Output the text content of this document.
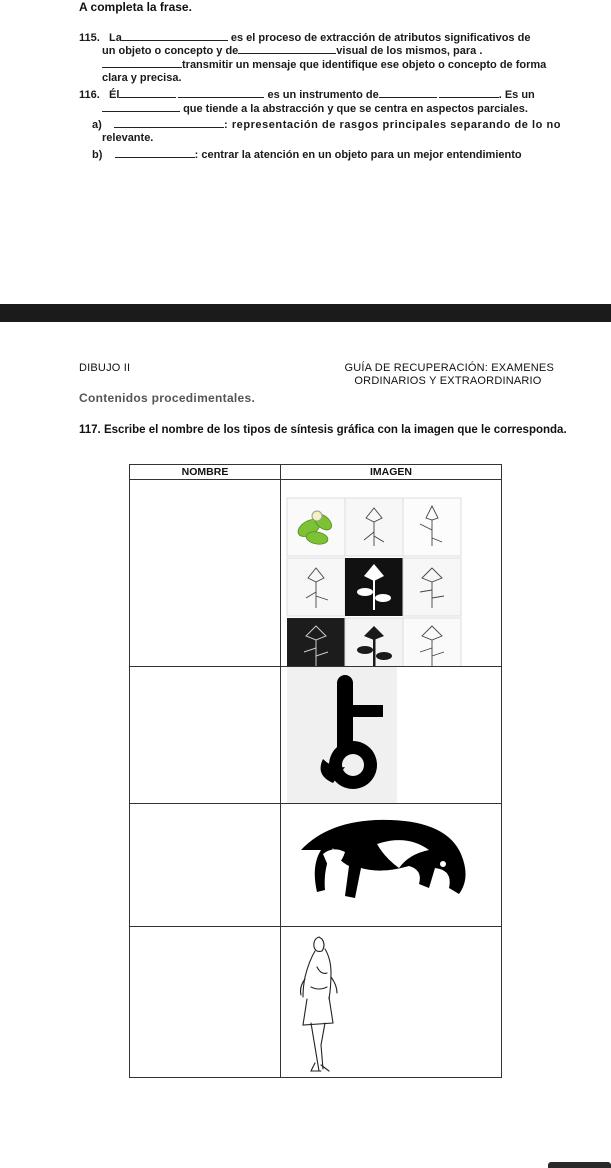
A completa la frase.
115. La	es el proceso de extracción de atributos significativos de
un objeto o concepto y de	visual de los mismos, para .
transmitir un mensaje que identifique ese objeto o concepto de forma
clara y precisa.
116. Él	es un instrumento de	. Es un
que tiende a la abstracción y que se centra en aspectos parciales.
a)	: representación de rasgos principales separando de lo no
relevante.
b)	: centrar la atención en un objeto para un mejor entendimiento
DIBUJO II	GUÍA DE RECUPERACIÓN: EXAMENES
ORDINARIOS Y EXTRAORDINARIO
Contenidos procedimentales.
117. Escribe el nombre de los tipos de síntesis gráfica con la imagen que le corresponda.
NOMBRE	IMAGEN
